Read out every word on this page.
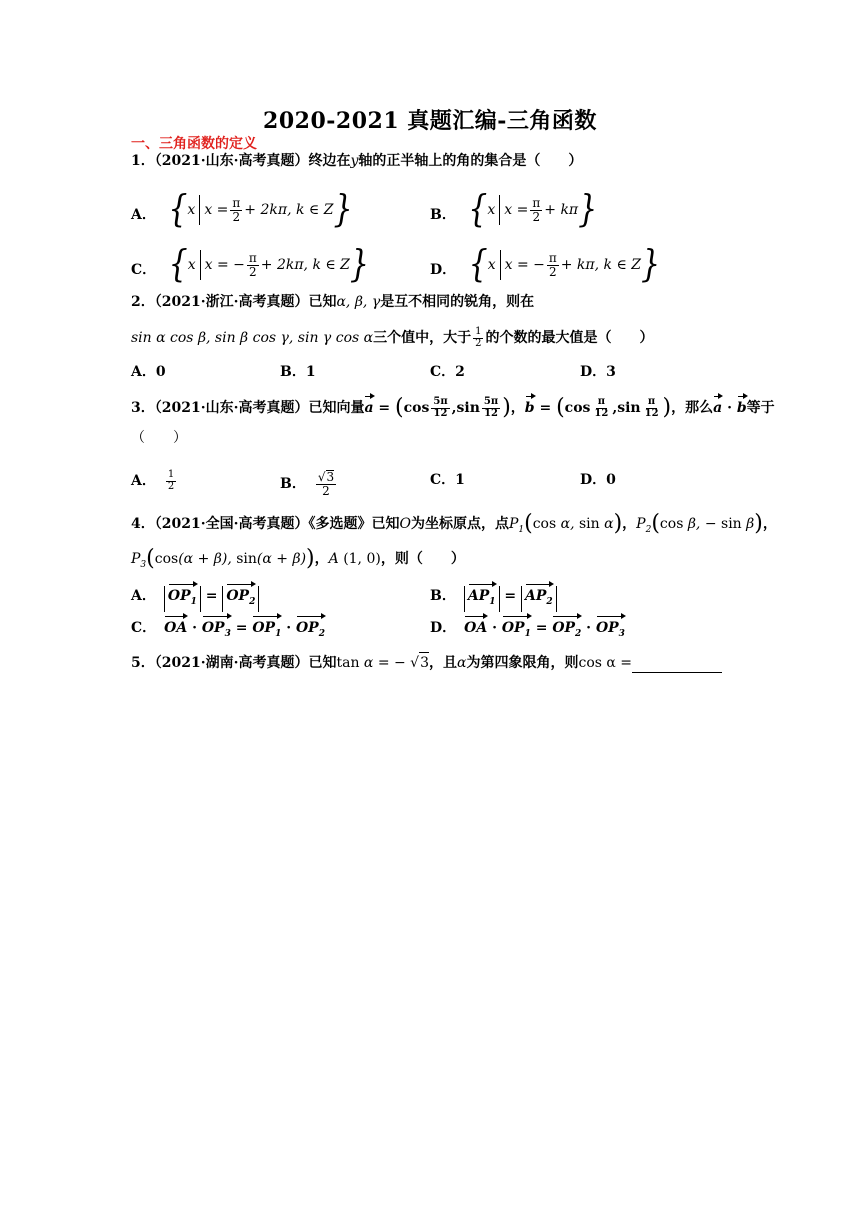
2020-2021 真题汇编-三角函数
一、三角函数的定义
1．（2021·山东·高考真题）终边在y轴的正半轴上的角的集合是（　　）
A． { x $x = \frac{\pi}{2} + 2k\pi$, k ∈ Z }	B． { x $x = \frac{\pi}{2} + k\pi$ }
C． { x x = − $\frac{\pi}{2} + 2k\pi$, k ∈ Z }	D． { x x = − $\frac{\pi}{2} + k\pi$, k ∈ Z }
2．（2021·浙江·高考真题）已知α, β, γ是互不相同的锐角，则在
sin α cos β, sin β cos γ, sin γ cos α三个值中，大于 $\frac{1}{2}$ 的个数的最大值是（　　）
A．0	B．1	C．2	D．3
3．（2021·山东·高考真题）已知向量$a = (\cos \frac{5\pi}{12} ,\sin \frac{5\pi}{12}$ )，$b = (\cos \frac{\pi}{12} ,\sin \frac{\pi}{12}$ )，那么a · b等于
（　　）
A． $\frac{1}{2}$	B． $\frac{√3}{2}$	C．1	D．0
4．（2021·全国·高考真题）《多选题》已知O为坐标原点，点$P_1(\cos$ α, sin α)，$P_2(\cos$ β, − sin β)，
$P_3(\cos(\alpha + \beta)$, sin(α + β))，A (1, 0)，则（　　）
A． $OP_1 = OP_2$	B． $AP_1 = AP_2$
C． OA · $OP_3 = OP_1 \cdot OP_2$	D． OA · $OP_1 = OP_2 \cdot OP_3$
5．（2021·湖南·高考真题）已知tan α = − √3，且α为第四象限角，则cos α =
